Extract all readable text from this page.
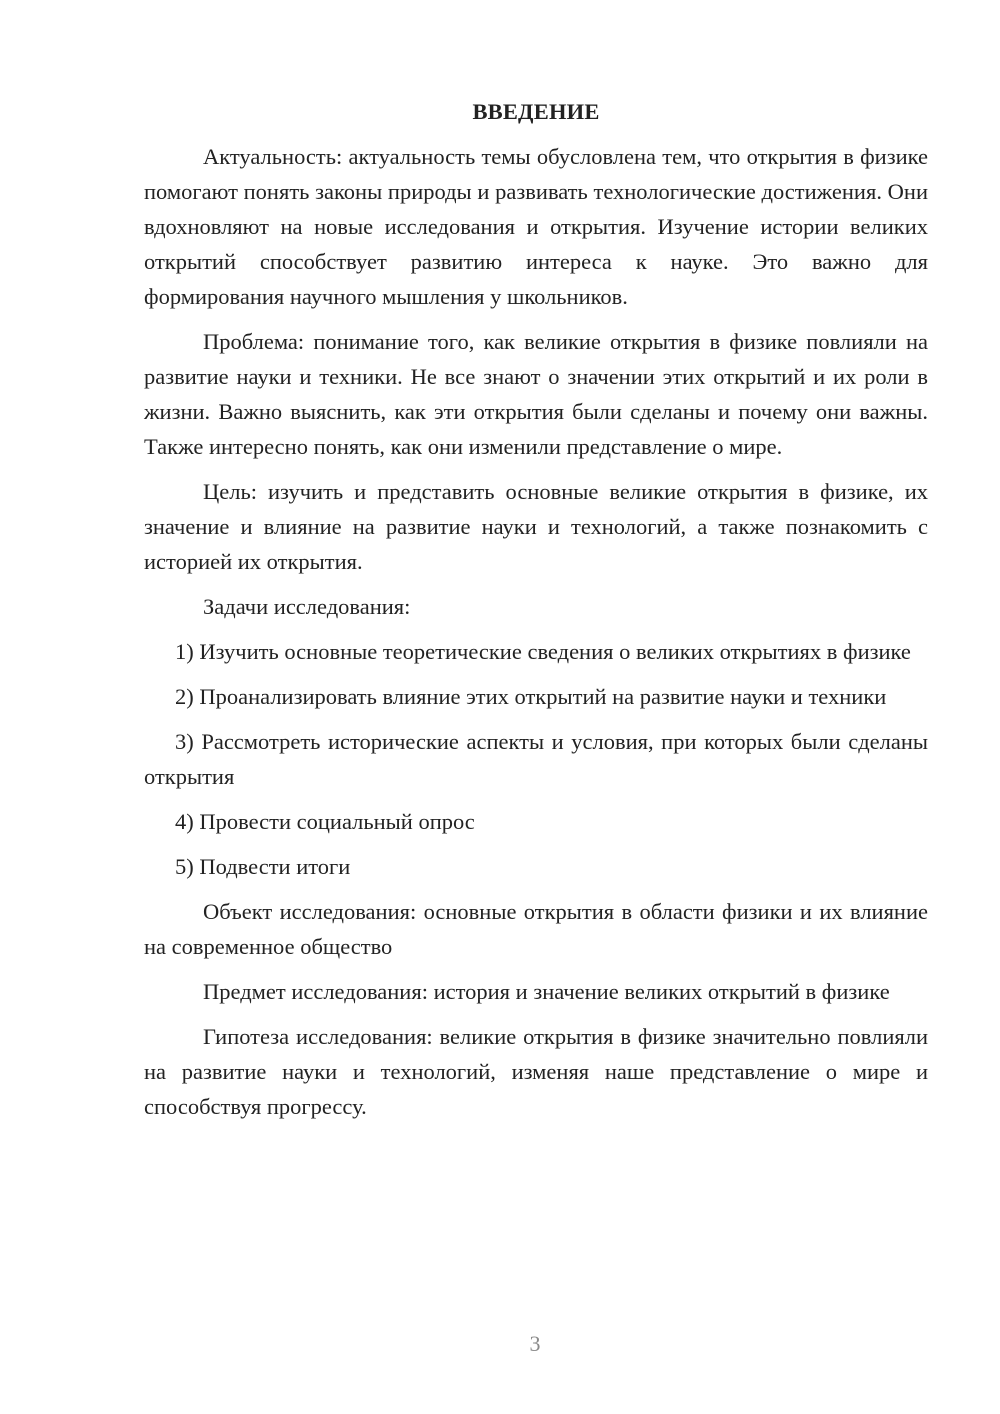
ВВЕДЕНИЕ
Актуальность: актуальность темы обусловлена тем, что открытия в физике помогают понять законы природы и развивать технологические достижения. Они вдохновляют на новые исследования и открытия. Изучение истории великих открытий способствует развитию интереса к науке. Это важно для формирования научного мышления у школьников.
Проблема: понимание того, как великие открытия в физике повлияли на развитие науки и техники. Не все знают о значении этих открытий и их роли в жизни. Важно выяснить, как эти открытия были сделаны и почему они важны. Также интересно понять, как они изменили представление о мире.
Цель: изучить и представить основные великие открытия в физике, их значение и влияние на развитие науки и технологий, а также познакомить с историей их открытия.
Задачи исследования:
1) Изучить основные теоретические сведения о великих открытиях в физике
2) Проанализировать влияние этих открытий на развитие науки и техники
3) Рассмотреть исторические аспекты и условия, при которых были сделаны открытия
4) Провести социальный опрос
5) Подвести итоги
Объект исследования: основные открытия в области физики и их влияние на современное общество
Предмет исследования: история и значение великих открытий в физике
Гипотеза исследования: великие открытия в физике значительно повлияли на развитие науки и технологий, изменяя наше представление о мире и способствуя прогрессу.
3
